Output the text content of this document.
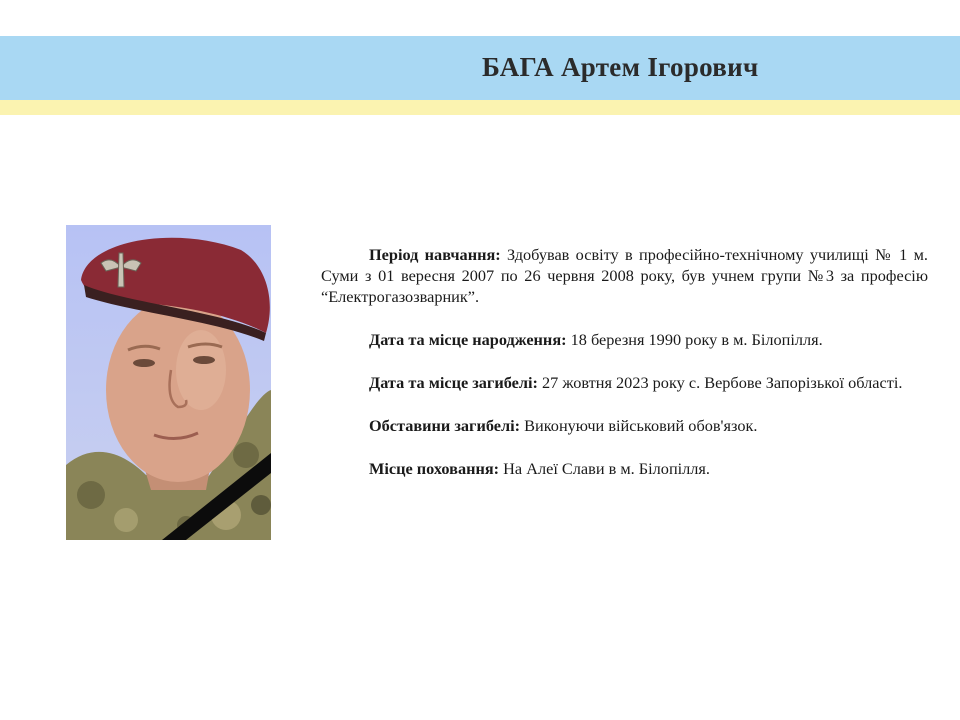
БАГА Артем Ігорович

Період навчання: Здобував освіту в професійно-технічному училищі № 1 м. Суми з 01 вересня 2007 по 26 червня 2008 року, був учнем групи №3 за професію “Електрогазозварник”.

Дата та місце народження: 18 березня 1990 року в м. Білопілля.

Дата та місце загибелі: 27 жовтня 2023 року с. Вербове Запорізької області.

Обставини загибелі: Виконуючи військовий обов'язок.

Місце поховання: На Алеї Слави в м. Білопілля.
